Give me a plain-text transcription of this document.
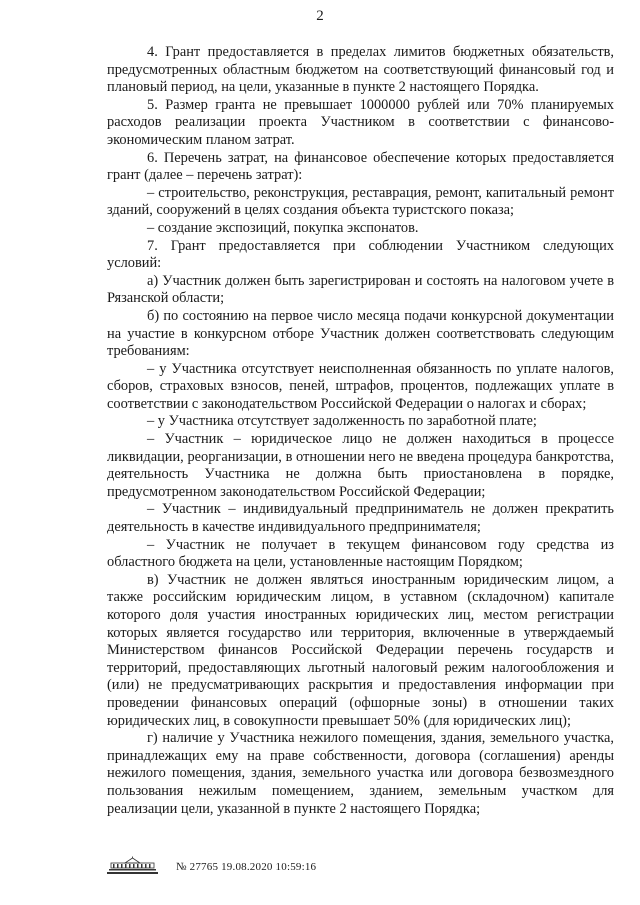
2

4. Грант предоставляется в пределах лимитов бюджетных обязательств, предусмотренных областным бюджетом на соответствующий финансовый год и плановый период, на цели, указанные в пункте 2 настоящего Порядка.

5. Размер гранта не превышает 1000000 рублей или 70% планируемых расходов реализации проекта Участником в соответствии с финансово-экономическим планом затрат.

6. Перечень затрат, на финансовое обеспечение которых предоставляется грант (далее – перечень затрат):

– строительство, реконструкция, реставрация, ремонт, капитальный ремонт зданий, сооружений в целях создания объекта туристского показа;

– создание экспозиций, покупка экспонатов.

7. Грант предоставляется при соблюдении Участником следующих условий:

а) Участник должен быть зарегистрирован и состоять на налоговом учете в Рязанской области;

б) по состоянию на первое число месяца подачи конкурсной документации на участие в конкурсном отборе Участник должен соответствовать следующим требованиям:

– у Участника отсутствует неисполненная обязанность по уплате налогов, сборов, страховых взносов, пеней, штрафов, процентов, подлежащих уплате в соответствии с законодательством Российской Федерации о налогах и сборах;

– у Участника отсутствует задолженность по заработной плате;

– Участник – юридическое лицо не должен находиться в процессе ликвидации, реорганизации, в отношении него не введена процедура банкротства, деятельность Участника не должна быть приостановлена в порядке, предусмотренном законодательством Российской Федерации;

– Участник – индивидуальный предприниматель не должен прекратить деятельность в качестве индивидуального предпринимателя;

– Участник не получает в текущем финансовом году средства из областного бюджета на цели, установленные настоящим Порядком;

в) Участник не должен являться иностранным юридическим лицом, а также российским юридическим лицом, в уставном (складочном) капитале которого доля участия иностранных юридических лиц, местом регистрации которых является государство или территория, включенные в утверждаемый Министерством финансов Российской Федерации перечень государств и территорий, предоставляющих льготный налоговый режим налогообложения и (или) не предусматривающих раскрытия и предоставления информации при проведении финансовых операций (офшорные зоны) в отношении таких юридических лиц, в совокупности превышает 50% (для юридических лиц);

г) наличие у Участника нежилого помещения, здания, земельного участка, принадлежащих ему на праве собственности, договора (соглашения) аренды нежилого помещения, здания, земельного участка или договора безвозмездного пользования нежилым помещением, зданием, земельным участком для реализации цели, указанной в пункте 2 настоящего Порядка;

№ 27765 19.08.2020 10:59:16
